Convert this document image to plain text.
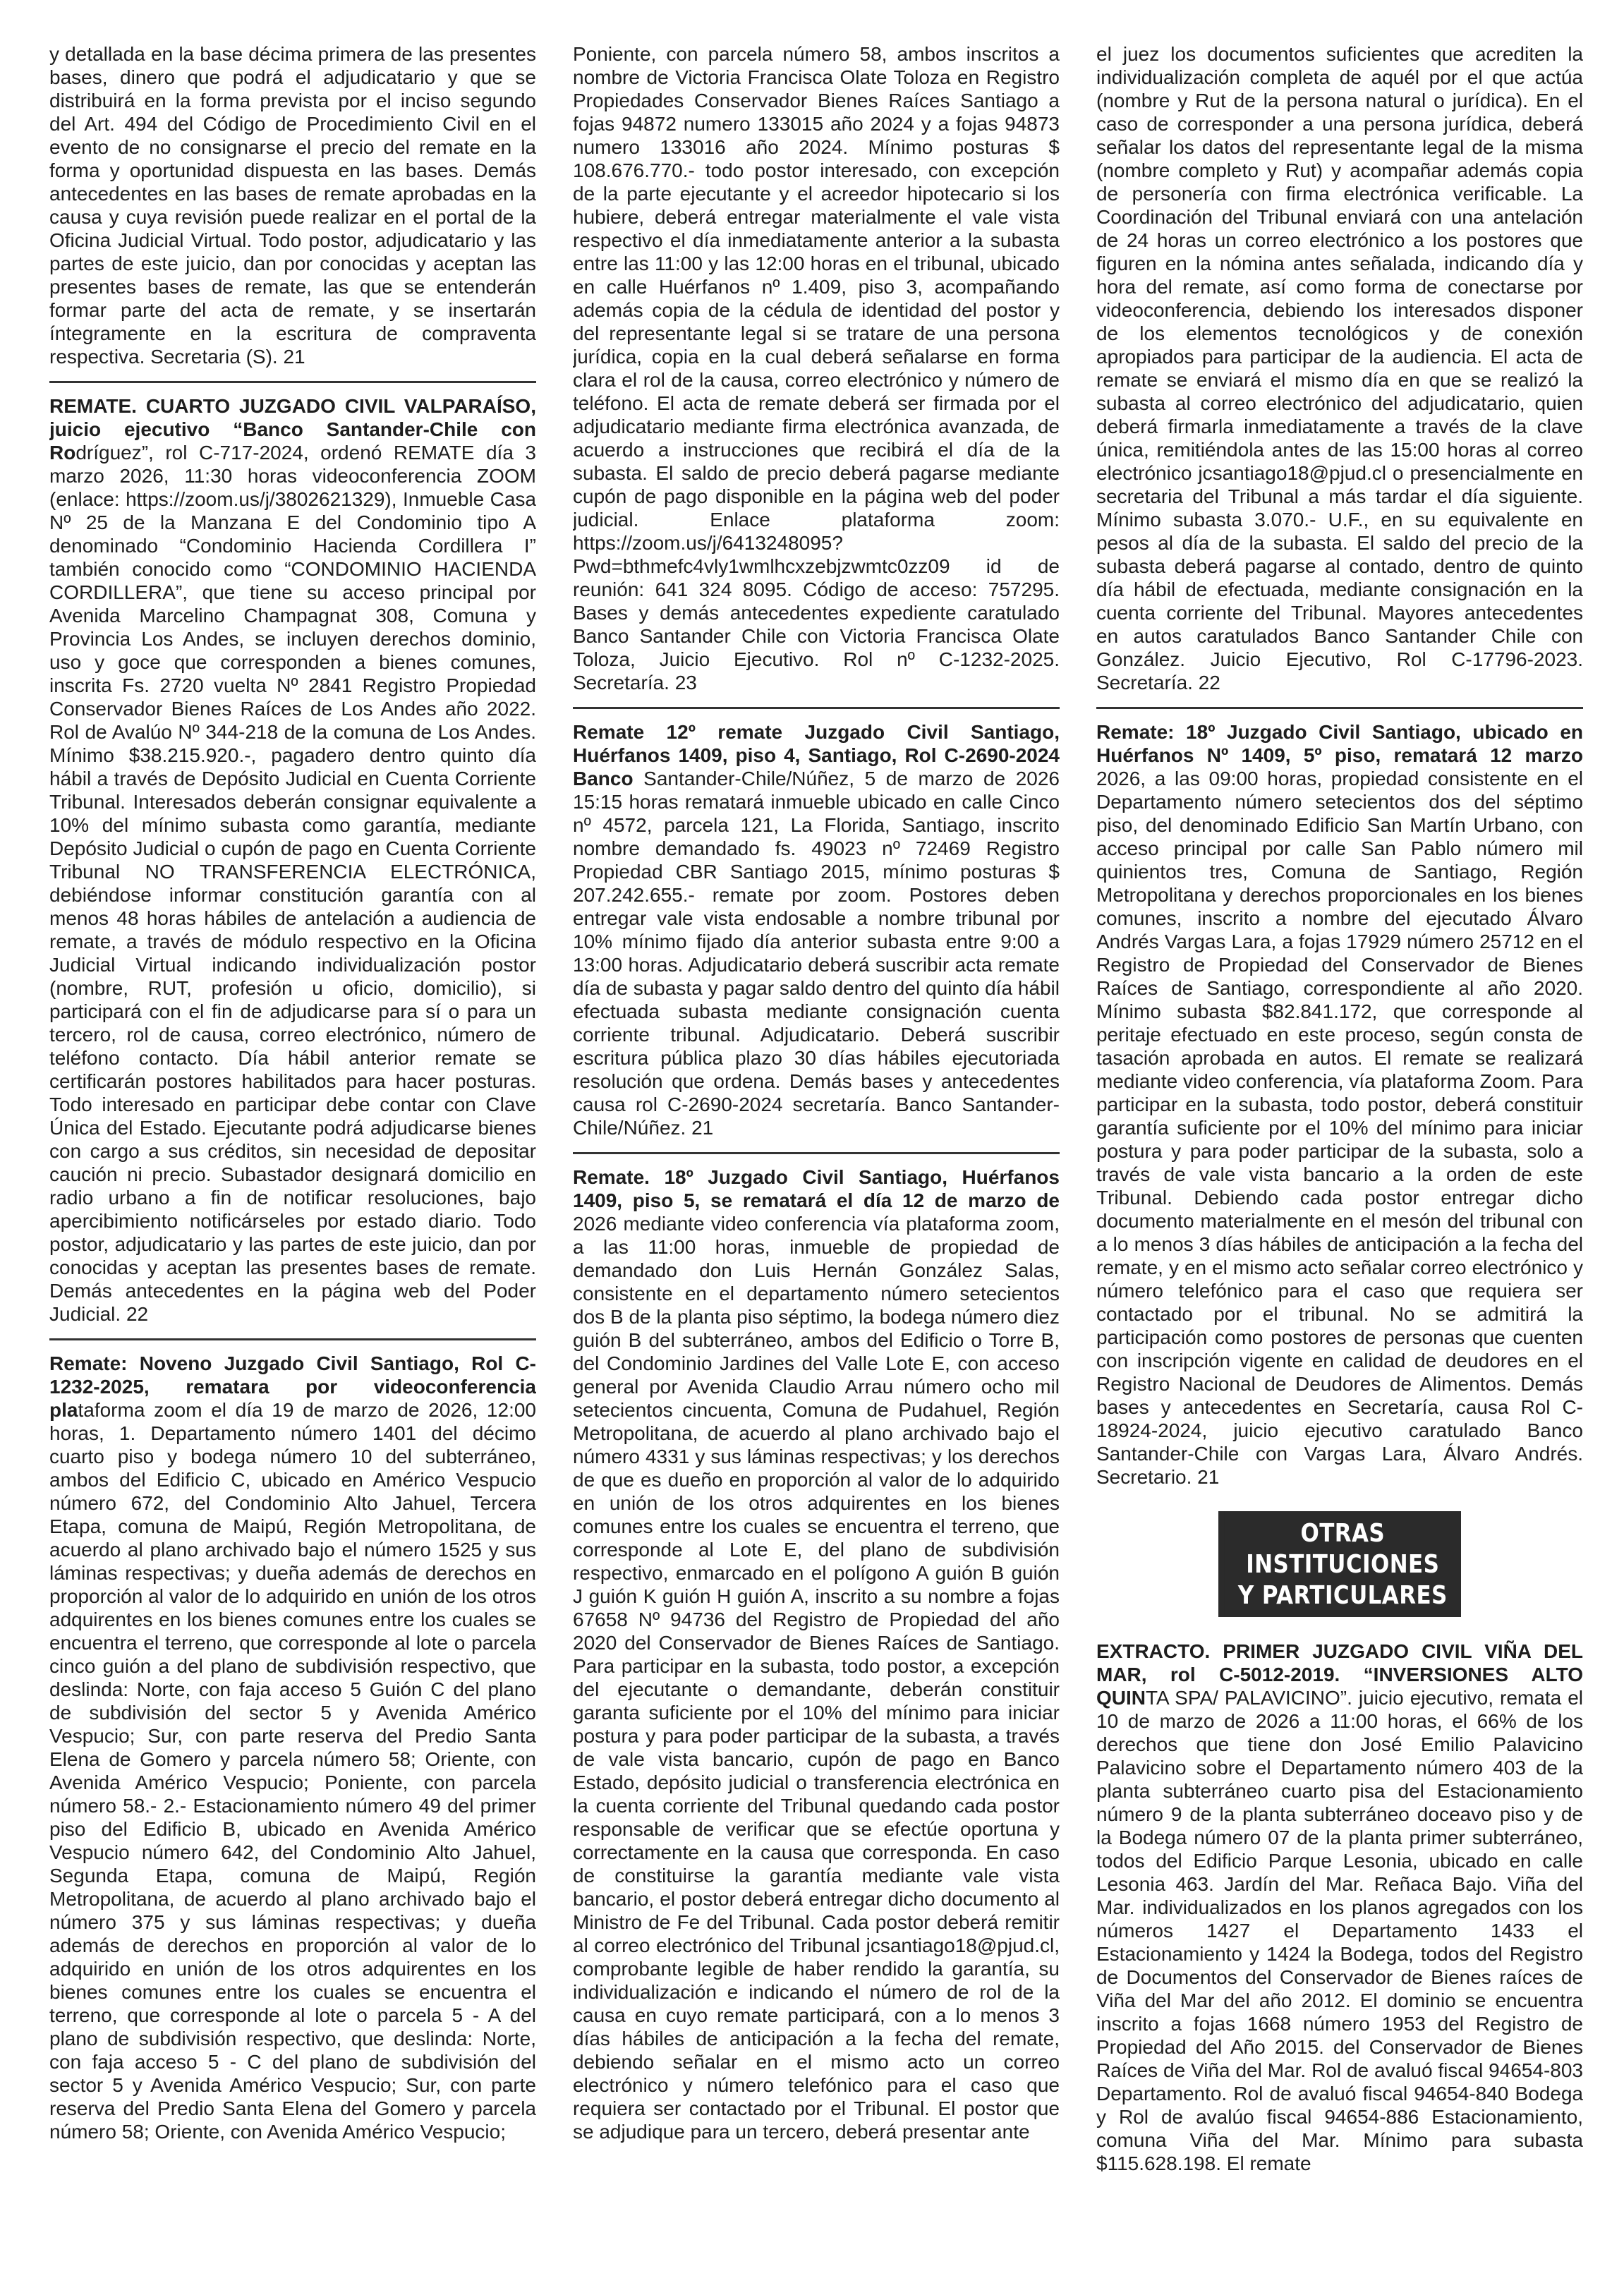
y detallada en la base décima primera de las presentes bases, dinero que podrá el adjudicatario y que se distribuirá en la forma prevista por el inciso segundo del Art. 494 del Código de Procedimiento Civil en el evento de no consignarse el precio del remate en la forma y oportunidad dispuesta en las bases. Demás antecedentes en las bases de remate aprobadas en la causa y cuya revisión puede realizar en el portal de la Oficina Judicial Virtual. Todo postor, adjudicatario y las partes de este juicio, dan por conocidas y aceptan las presentes bases de remate, las que se entenderán formar parte del acta de remate, y se insertarán íntegramente en la escritura de compraventa respectiva. Secretaria (S). 21

REMATE. CUARTO JUZGADO CIVIL VALPARAÍSO, juicio ejecutivo “Banco Santander-Chile con Rodríguez”, rol C-717-2024, ordenó REMATE día 3 marzo 2026, 11:30 horas videoconferencia ZOOM (enlace: https://zoom.us/j/3802621329), Inmueble Casa Nº 25 de la Manzana E del Condominio tipo A denominado “Condominio Hacienda Cordillera I” también conocido como “CONDOMINIO HACIENDA CORDILLERA”, que tiene su acceso principal por Avenida Marcelino Champagnat 308, Comuna y Provincia Los Andes, se incluyen derechos dominio, uso y goce que corresponden a bienes comunes, inscrita Fs. 2720 vuelta Nº 2841 Registro Propiedad Conservador Bienes Raíces de Los Andes año 2022. Rol de Avalúo Nº 344-218 de la comuna de Los Andes. Mínimo $38.215.920.-, pagadero dentro quinto día hábil a través de Depósito Judicial en Cuenta Corriente Tribunal. Interesados deberán consignar equivalente a 10% del mínimo subasta como garantía, mediante Depósito Judicial o cupón de pago en Cuenta Corriente Tribunal NO TRANSFERENCIA ELECTRÓNICA, debiéndose informar constitución garantía con al menos 48 horas hábiles de antelación a audiencia de remate, a través de módulo respectivo en la Oficina Judicial Virtual indicando individualización postor (nombre, RUT, profesión u oficio, domicilio), si participará con el fin de adjudicarse para sí o para un tercero, rol de causa, correo electrónico, número de teléfono contacto. Día hábil anterior remate se certificarán postores habilitados para hacer posturas. Todo interesado en participar debe contar con Clave Única del Estado. Ejecutante podrá adjudicarse bienes con cargo a sus créditos, sin necesidad de depositar caución ni precio. Subastador designará domicilio en radio urbano a fin de notificar resoluciones, bajo apercibimiento notificárseles por estado diario. Todo postor, adjudicatario y las partes de este juicio, dan por conocidas y aceptan las presentes bases de remate. Demás antecedentes en la página web del Poder Judicial. 22

Remate: Noveno Juzgado Civil Santiago, Rol C-1232-2025, rematara por videoconferencia plataforma zoom el día 19 de marzo de 2026, 12:00 horas, 1. Departamento número 1401 del décimo cuarto piso y bodega número 10 del subterráneo, ambos del Edificio C, ubicado en Américo Vespucio número 672, del Condominio Alto Jahuel, Tercera Etapa, comuna de Maipú, Región Metropolitana, de acuerdo al plano archivado bajo el número 1525 y sus láminas respectivas; y dueña además de derechos en proporción al valor de lo adquirido en unión de los otros adquirentes en los bienes comunes entre los cuales se encuentra el terreno, que corresponde al lote o parcela cinco guión a del plano de subdivisión respectivo, que deslinda: Norte, con faja acceso 5 Guión C del plano de subdivisión del sector 5 y Avenida Américo Vespucio; Sur, con parte reserva del Predio Santa Elena de Gomero y parcela número 58; Oriente, con Avenida Américo Vespucio; Poniente, con parcela número 58.- 2.- Estacionamiento número 49 del primer piso del Edificio B, ubicado en Avenida Américo Vespucio número 642, del Condominio Alto Jahuel, Segunda Etapa, comuna de Maipú, Región Metropolitana, de acuerdo al plano archivado bajo el número 375 y sus láminas respectivas; y dueña además de derechos en proporción al valor de lo adquirido en unión de los otros adquirentes en los bienes comunes entre los cuales se encuentra el terreno, que corresponde al lote o parcela 5 - A del plano de subdivisión respectivo, que deslinda: Norte, con faja acceso 5 - C del plano de subdivisión del sector 5 y Avenida Américo Vespucio; Sur, con parte reserva del Predio Santa Elena del Gomero y parcela número 58; Oriente, con Avenida Américo Vespucio;

Poniente, con parcela número 58, ambos inscritos a nombre de Victoria Francisca Olate Toloza en Registro Propiedades Conservador Bienes Raíces Santiago a fojas 94872 numero 133015 año 2024 y a fojas 94873 numero 133016 año 2024. Mínimo posturas $ 108.676.770.- todo postor interesado, con excepción de la parte ejecutante y el acreedor hipotecario si los hubiere, deberá entregar materialmente el vale vista respectivo el día inmediatamente anterior a la subasta entre las 11:00 y las 12:00 horas en el tribunal, ubicado en calle Huérfanos nº 1.409, piso 3, acompañando además copia de la cédula de identidad del postor y del representante legal si se tratare de una persona jurídica, copia en la cual deberá señalarse en forma clara el rol de la causa, correo electrónico y número de teléfono. El acta de remate deberá ser firmada por el adjudicatario mediante firma electrónica avanzada, de acuerdo a instrucciones que recibirá el día de la subasta. El saldo de precio deberá pagarse mediante cupón de pago disponible en la página web del poder judicial. Enlace plataforma zoom: https://zoom.us/j/6413248095?Pwd=bthmefc4vly1wmlhcxzebjzwmtc0zz09 id de reunión: 641 324 8095. Código de acceso: 757295. Bases y demás antecedentes expediente caratulado Banco Santander Chile con Victoria Francisca Olate Toloza, Juicio Ejecutivo. Rol nº C-1232-2025. Secretaría. 23

Remate 12º remate Juzgado Civil Santiago, Huérfanos 1409, piso 4, Santiago, Rol C-2690-2024 Banco Santander-Chile/Núñez, 5 de marzo de 2026 15:15 horas rematará inmueble ubicado en calle Cinco nº 4572, parcela 121, La Florida, Santiago, inscrito nombre demandado fs. 49023 nº 72469 Registro Propiedad CBR Santiago 2015, mínimo posturas $ 207.242.655.- remate por zoom. Postores deben entregar vale vista endosable a nombre tribunal por 10% mínimo fijado día anterior subasta entre 9:00 a 13:00 horas. Adjudicatario deberá suscribir acta remate día de subasta y pagar saldo dentro del quinto día hábil efectuada subasta mediante consignación cuenta corriente tribunal. Adjudicatario. Deberá suscribir escritura pública plazo 30 días hábiles ejecutoriada resolución que ordena. Demás bases y antecedentes causa rol C-2690-2024 secretaría. Banco Santander-Chile/Núñez. 21

Remate. 18º Juzgado Civil Santiago, Huérfanos 1409, piso 5, se rematará el día 12 de marzo de 2026 mediante video conferencia vía plataforma zoom, a las 11:00 horas, inmueble de propiedad de demandado don Luis Hernán González Salas, consistente en el departamento número setecientos dos B de la planta piso séptimo, la bodega número diez guión B del subterráneo, ambos del Edificio o Torre B, del Condominio Jardines del Valle Lote E, con acceso general por Avenida Claudio Arrau número ocho mil setecientos cincuenta, Comuna de Pudahuel, Región Metropolitana, de acuerdo al plano archivado bajo el número 4331 y sus láminas respectivas; y los derechos de que es dueño en proporción al valor de lo adquirido en unión de los otros adquirentes en los bienes comunes entre los cuales se encuentra el terreno, que corresponde al Lote E, del plano de subdivisión respectivo, enmarcado en el polígono A guión B guión J guión K guión H guión A, inscrito a su nombre a fojas 67658 Nº 94736 del Registro de Propiedad del año 2020 del Conservador de Bienes Raíces de Santiago. Para participar en la subasta, todo postor, a excepción del ejecutante o demandante, deberán constituir garanta suficiente por el 10% del mínimo para iniciar postura y para poder participar de la subasta, a través de vale vista bancario, cupón de pago en Banco Estado, depósito judicial o transferencia electrónica en la cuenta corriente del Tribunal quedando cada postor responsable de verificar que se efectúe oportuna y correctamente en la causa que corresponda. En caso de constituirse la garantía mediante vale vista bancario, el postor deberá entregar dicho documento al Ministro de Fe del Tribunal. Cada postor deberá remitir al correo electrónico del Tribunal jcsantiago18@pjud.cl, comprobante legible de haber rendido la garantía, su individualización e indicando el número de rol de la causa en cuyo remate participará, con a lo menos 3 días hábiles de anticipación a la fecha del remate, debiendo señalar en el mismo acto un correo electrónico y número telefónico para el caso que requiera ser contactado por el Tribunal. El postor que se adjudique para un tercero, deberá presentar ante

el juez los documentos suficientes que acrediten la individualización completa de aquél por el que actúa (nombre y Rut de la persona natural o jurídica). En el caso de corresponder a una persona jurídica, deberá señalar los datos del representante legal de la misma (nombre completo y Rut) y acompañar además copia de personería con firma electrónica verificable. La Coordinación del Tribunal enviará con una antelación de 24 horas un correo electrónico a los postores que figuren en la nómina antes señalada, indicando día y hora del remate, así como forma de conectarse por videoconferencia, debiendo los interesados disponer de los elementos tecnológicos y de conexión apropiados para participar de la audiencia. El acta de remate se enviará el mismo día en que se realizó la subasta al correo electrónico del adjudicatario, quien deberá firmarla inmediatamente a través de la clave única, remitiéndola antes de las 15:00 horas al correo electrónico jcsantiago18@pjud.cl o presencialmente en secretaria del Tribunal a más tardar el día siguiente. Mínimo subasta 3.070.- U.F., en su equivalente en pesos al día de la subasta. El saldo del precio de la subasta deberá pagarse al contado, dentro de quinto día hábil de efectuada, mediante consignación en la cuenta corriente del Tribunal. Mayores antecedentes en autos caratulados Banco Santander Chile con González. Juicio Ejecutivo, Rol C-17796-2023. Secretaría. 22

Remate: 18º Juzgado Civil Santiago, ubicado en Huérfanos Nº 1409, 5º piso, rematará 12 marzo 2026, a las 09:00 horas, propiedad consistente en el Departamento número setecientos dos del séptimo piso, del denominado Edificio San Martín Urbano, con acceso principal por calle San Pablo número mil quinientos tres, Comuna de Santiago, Región Metropolitana y derechos proporcionales en los bienes comunes, inscrito a nombre del ejecutado Álvaro Andrés Vargas Lara, a fojas 17929 número 25712 en el Registro de Propiedad del Conservador de Bienes Raíces de Santiago, correspondiente al año 2020. Mínimo subasta $82.841.172, que corresponde al peritaje efectuado en este proceso, según consta de tasación aprobada en autos. El remate se realizará mediante video conferencia, vía plataforma Zoom. Para participar en la subasta, todo postor, deberá constituir garantía suficiente por el 10% del mínimo para iniciar postura y para poder participar de la subasta, solo a través de vale vista bancario a la orden de este Tribunal. Debiendo cada postor entregar dicho documento materialmente en el mesón del tribunal con a lo menos 3 días hábiles de anticipación a la fecha del remate, y en el mismo acto señalar correo electrónico y número telefónico para el caso que requiera ser contactado por el tribunal. No se admitirá la participación como postores de personas que cuenten con inscripción vigente en calidad de deudores en el Registro Nacional de Deudores de Alimentos. Demás bases y antecedentes en Secretaría, causa Rol C-18924-2024, juicio ejecutivo caratulado Banco Santander-Chile con Vargas Lara, Álvaro Andrés. Secretario. 21

OTRAS INSTITUCIONES
Y PARTICULARES

EXTRACTO. PRIMER JUZGADO CIVIL VIÑA DEL MAR, rol C-5012-2019. “INVERSIONES ALTO QUINTA SPA/ PALAVICINO”. juicio ejecutivo, remata el 10 de marzo de 2026 a 11:00 horas, el 66% de los derechos que tiene don José Emilio Palavicino Palavicino sobre el Departamento número 403 de la planta subterráneo cuarto pisa del Estacionamiento número 9 de la planta subterráneo doceavo piso y de la Bodega número 07 de la planta primer subterráneo, todos del Edificio Parque Lesonia, ubicado en calle Lesonia 463. Jardín del Mar. Reñaca Bajo. Viña del Mar. individualizados en los planos agregados con los números 1427 el Departamento 1433 el Estacionamiento y 1424 la Bodega, todos del Registro de Documentos del Conservador de Bienes raíces de Viña del Mar del año 2012. El dominio se encuentra inscrito a fojas 1668 número 1953 del Registro de Propiedad del Año 2015. del Conservador de Bienes Raíces de Viña del Mar. Rol de avaluó fiscal 94654-803 Departamento. Rol de avaluó fiscal 94654-840 Bodega y Rol de avalúo fiscal 94654-886 Estacionamiento, comuna Viña del Mar. Mínimo para subasta $115.628.198. El remate
